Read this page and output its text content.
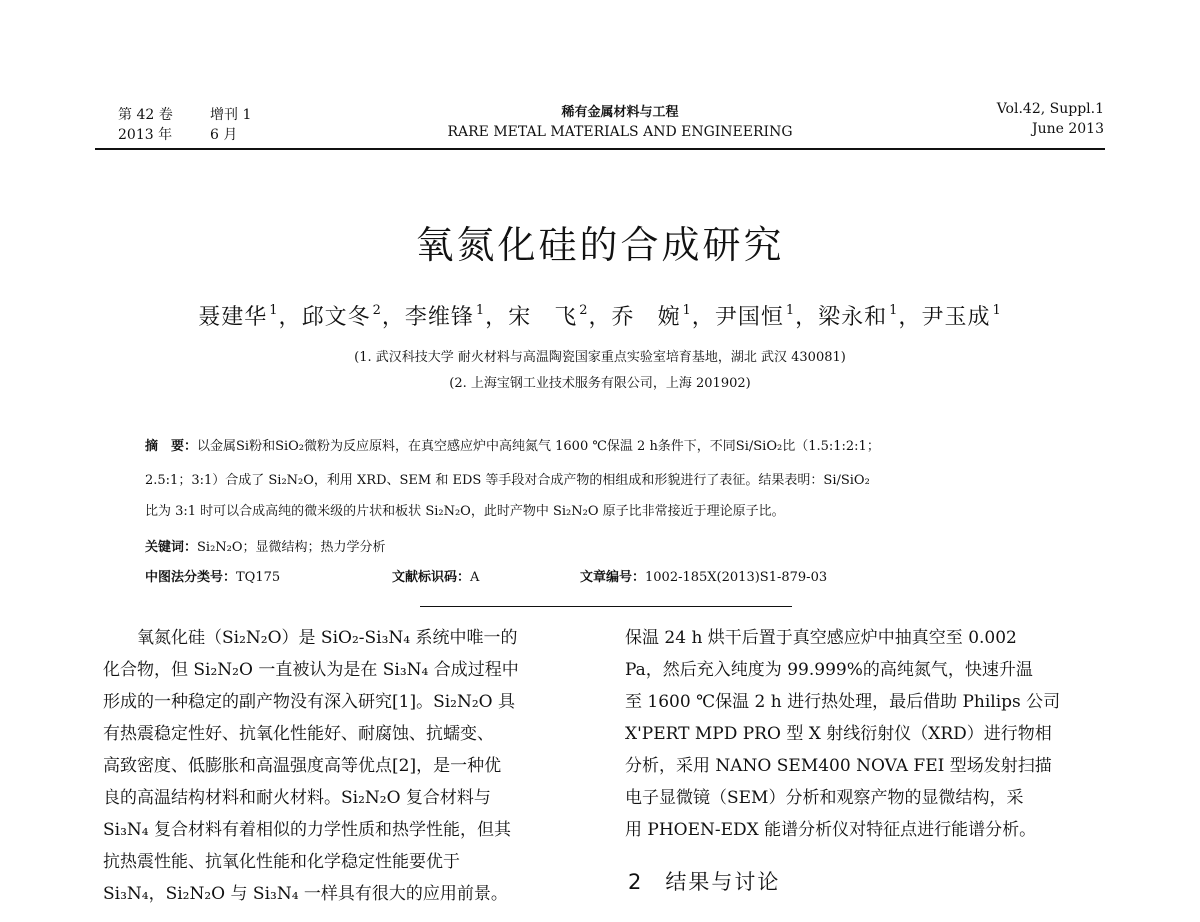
第 42 卷	增刊 1
2013 年	6 月
稀有金属材料与工程
RARE METAL MATERIALS AND ENGINEERING
Vol.42, Suppl.1
June 2013
氧氮化硅的合成研究
聂建华 $^1$，邱文冬 $^2$，李维锋 $^1$，宋　飞 $^2$，乔　婉 $^1$，尹国恒 $^1$，梁永和 $^1$，尹玉成 $^1$
(1. 武汉科技大学 耐火材料与高温陶瓷国家重点实验室培育基地，湖北 武汉 430081)
(2. 上海宝钢工业技术服务有限公司，上海 201902)
摘　要：以金属Si粉和SiO₂微粉为反应原料，在真空感应炉中高纯氮气 1600 ℃保温 2 h条件下，不同Si/SiO₂比（1.5:1:2:1；
2.5:1；3:1）合成了 Si₂N₂O，利用 XRD、SEM 和 EDS 等手段对合成产物的相组成和形貌进行了表征。结果表明：Si/SiO₂
比为 3:1 时可以合成高纯的微米级的片状和板状 Si₂N₂O，此时产物中 Si₂N₂O 原子比非常接近于理论原子比。
关键词：Si₂N₂O；显微结构；热力学分析
中图法分类号：TQ175	文献标识码：A	文章编号：1002-185X(2013)S1-879-03

　　氧氮化硅（Si₂N₂O）是 SiO₂-Si₃N₄ 系统中唯一的

化合物，但 Si₂N₂O 一直被认为是在 Si₃N₄ 合成过程中

形成的一种稳定的副产物没有深入研究[1]。Si₂N₂O 具

有热震稳定性好、抗氧化性能好、耐腐蚀、抗蠕变、

高致密度、低膨胀和高温强度高等优点[2]，是一种优

良的高温结构材料和耐火材料。Si₂N₂O 复合材料与

Si₃N₄ 复合材料有着相似的力学性质和热学性能，但其

抗热震性能、抗氧化性能和化学稳定性能要优于

Si₃N₄，Si₂N₂O 与 Si₃N₄ 一样具有很大的应用前景。

保温 24 h 烘干后置于真空感应炉中抽真空至 0.002

Pa，然后充入纯度为 99.999%的高纯氮气，快速升温

至 1600 ℃保温 2 h 进行热处理，最后借助 Philips 公司

X'PERT MPD PRO 型 X 射线衍射仪（XRD）进行物相

分析，采用 NANO SEM400 NOVA FEI 型场发射扫描

电子显微镜（SEM）分析和观察产物的显微结构，采

用 PHOEN-EDX 能谱分析仪对特征点进行能谱分析。

2 结果与讨论
